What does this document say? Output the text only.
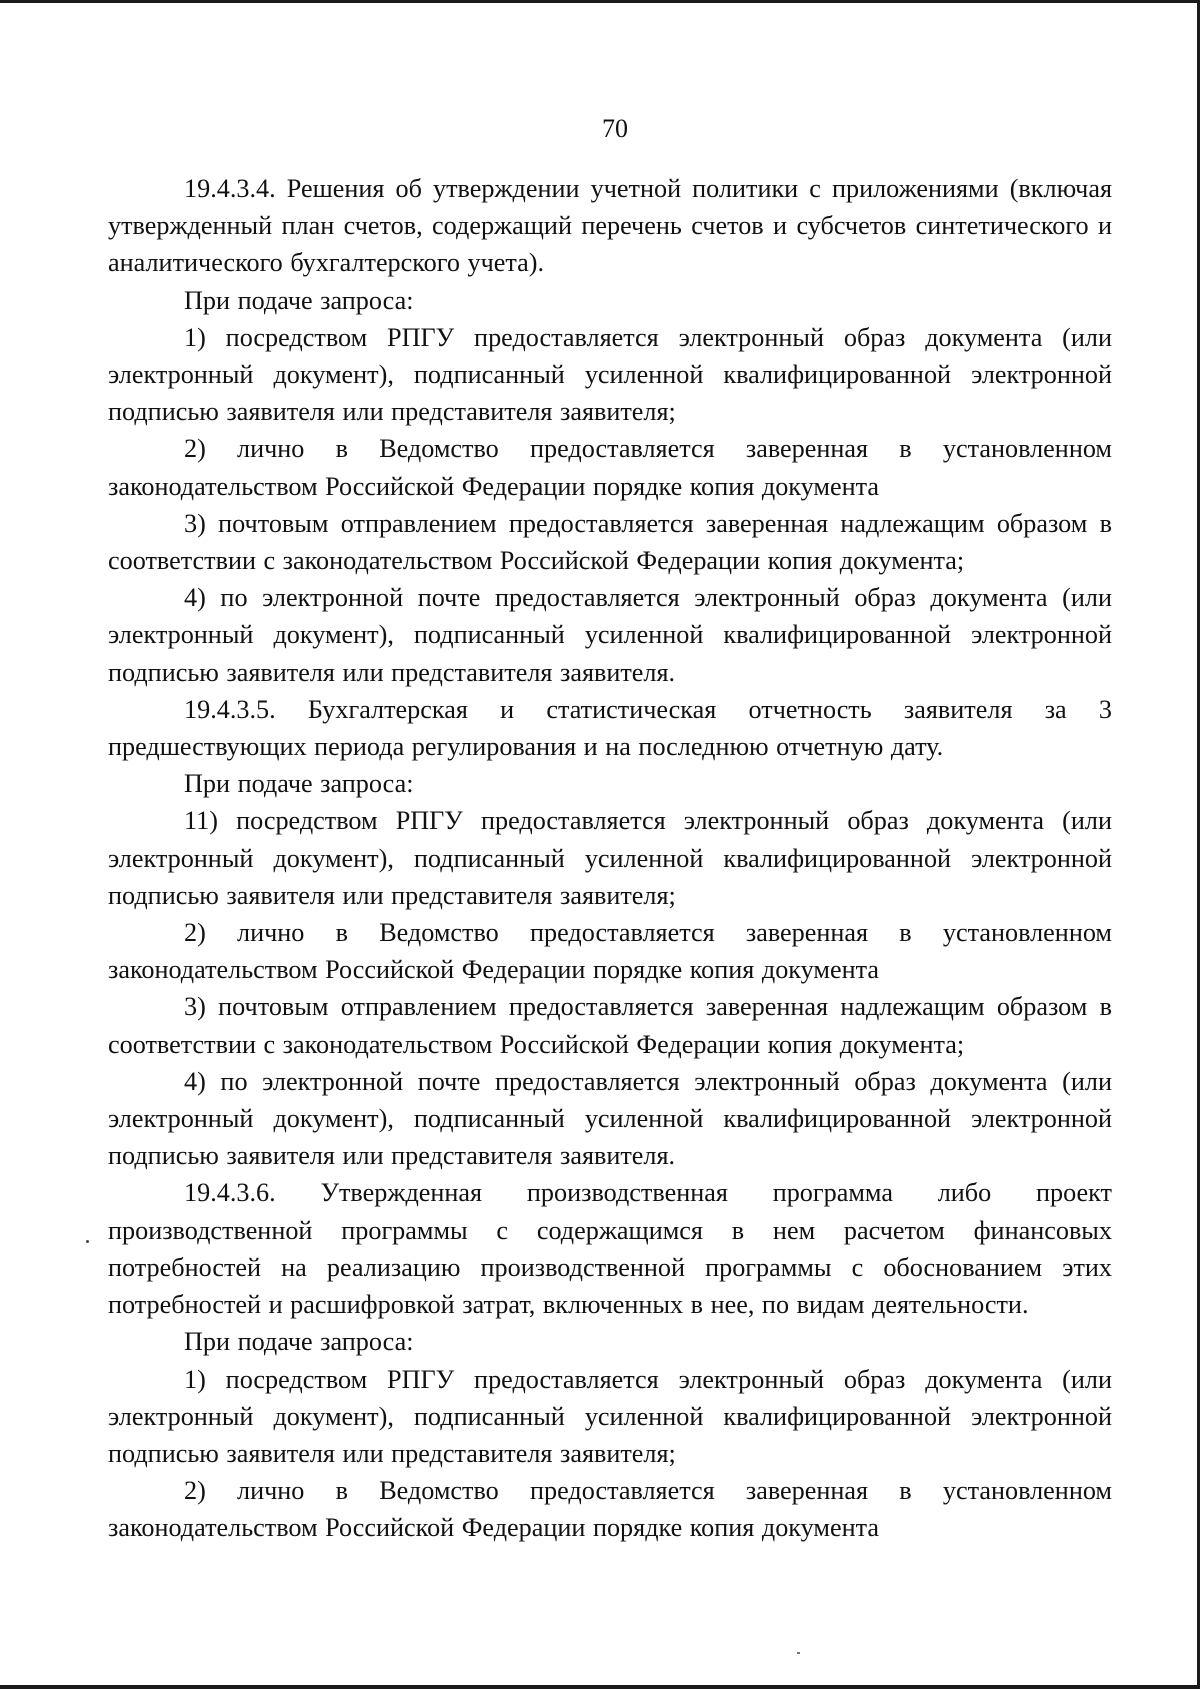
70

19.4.3.4. Решения об утверждении учетной политики с приложениями (включая утвержденный план счетов, содержащий перечень счетов и субсчетов синтетического и аналитического бухгалтерского учета).

При подаче запроса:

1) посредством РПГУ предоставляется электронный образ документа (или электронный документ), подписанный усиленной квалифицированной электронной подписью заявителя или представителя заявителя;

2) лично в Ведомство предоставляется заверенная в установленном законодательством Российской Федерации порядке копия документа

3) почтовым отправлением предоставляется заверенная надлежащим образом в соответствии с законодательством Российской Федерации копия документа;

4) по электронной почте предоставляется электронный образ документа (или электронный документ), подписанный усиленной квалифицированной электронной подписью заявителя или представителя заявителя.

19.4.3.5. Бухгалтерская и статистическая отчетность заявителя за 3 предшествующих периода регулирования и на последнюю отчетную дату.

При подаче запроса:

11) посредством РПГУ предоставляется электронный образ документа (или электронный документ), подписанный усиленной квалифицированной электронной подписью заявителя или представителя заявителя;

2) лично в Ведомство предоставляется заверенная в установленном законодательством Российской Федерации порядке копия документа

3) почтовым отправлением предоставляется заверенная надлежащим образом в соответствии с законодательством Российской Федерации копия документа;

4) по электронной почте предоставляется электронный образ документа (или электронный документ), подписанный усиленной квалифицированной электронной подписью заявителя или представителя заявителя.

19.4.3.6. Утвержденная производственная программа либо проект производственной программы с содержащимся в нем расчетом финансовых потребностей на реализацию производственной программы с обоснованием этих потребностей и расшифровкой затрат, включенных в нее, по видам деятельности.

При подаче запроса:

1) посредством РПГУ предоставляется электронный образ документа (или электронный документ), подписанный усиленной квалифицированной электронной подписью заявителя или представителя заявителя;

2) лично в Ведомство предоставляется заверенная в установленном законодательством Российской Федерации порядке копия документа
